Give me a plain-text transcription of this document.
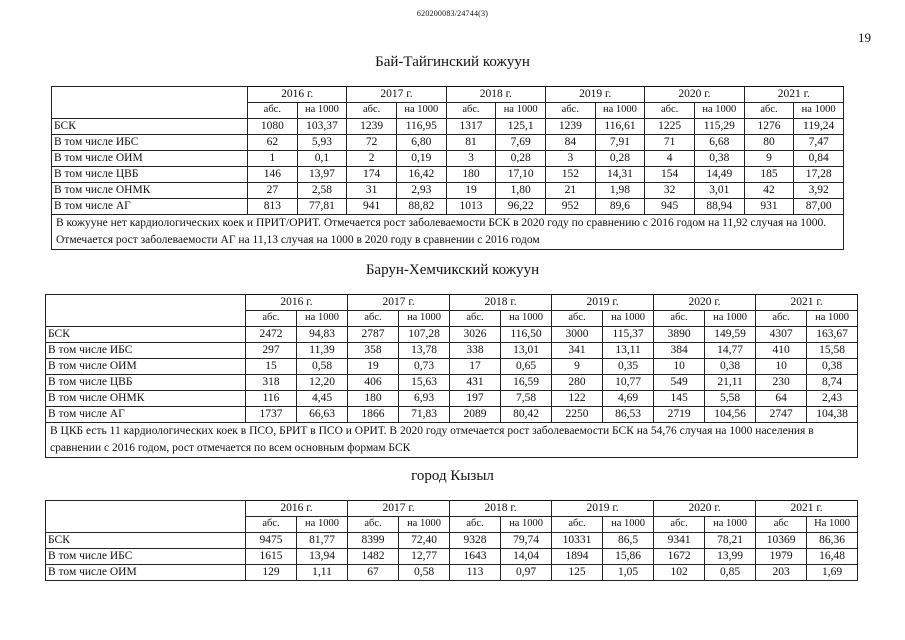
620200083/24744(3)
19
Бай-Тайгинский кожуун
	2016 г.		2017 г.		2018 г.		2019 г.		2020 г.		2021 г.	
	абс.	на 1000	абс.	на 1000	абс.	на 1000	абс.	на 1000	абс.	на 1000	абс.	на 1000
БСК	1080	103,37	1239	116,95	1317	125,1	1239	116,61	1225	115,29	1276	119,24
В том числе ИБС	62	5,93	72	6,80	81	7,69	84	7,91	71	6,68	80	7,47
В том числе ОИМ	1	0,1	2	0,19	3	0,28	3	0,28	4	0,38	9	0,84
В том числе ЦВБ	146	13,97	174	16,42	180	17,10	152	14,31	154	14,49	185	17,28
В том числе ОНМК	27	2,58	31	2,93	19	1,80	21	1,98	32	3,01	42	3,92
В том числе АГ	813	77,81	941	88,82	1013	96,22	952	89,6	945	88,94	931	87,00
В кожууне нет кардиологических коек и ПРИТ/ОРИТ. Отмечается рост заболеваемости БСК в 2020 году по сравнению с 2016 годом на 11,92 случая на 1000. Отмечается рост заболеваемости АГ на 11,13 случая на 1000 в 2020 году в сравнении с 2016 годом												
Барун-Хемчикский кожуун
	2016 г.		2017 г.		2018 г.		2019 г.		2020 г.		2021 г.	
	абс.	на 1000	абс.	на 1000	абс.	на 1000	абс.	на 1000	абс.	на 1000	абс.	на 1000
БСК	2472	94,83	2787	107,28	3026	116,50	3000	115,37	3890	149,59	4307	163,67
В том числе ИБС	297	11,39	358	13,78	338	13,01	341	13,11	384	14,77	410	15,58
В том числе ОИМ	15	0,58	19	0,73	17	0,65	9	0,35	10	0,38	10	0,38
В том числе ЦВБ	318	12,20	406	15,63	431	16,59	280	10,77	549	21,11	230	8,74
В том числе ОНМК	116	4,45	180	6,93	197	7,58	122	4,69	145	5,58	64	2,43
В том числе АГ	1737	66,63	1866	71,83	2089	80,42	2250	86,53	2719	104,56	2747	104,38
В ЦКБ есть 11 кардиологических коек в ПСО, БРИТ в ПСО и ОРИТ. В 2020 году отмечается рост заболеваемости БСК на 54,76 случая на 1000 населения в сравнении с 2016 годом, рост отмечается по всем основным формам БСК												
город Кызыл
	2016 г.		2017 г.		2018 г.		2019 г.		2020 г.		2021 г.	
	абс.	на 1000	абс.	на 1000	абс.	на 1000	абс.	на 1000	абс.	на 1000	абс	На 1000
БСК	9475	81,77	8399	72,40	9328	79,74	10331	86,5	9341	78,21	10369	86,36
В том числе ИБС	1615	13,94	1482	12,77	1643	14,04	1894	15,86	1672	13,99	1979	16,48
В том числе ОИМ	129	1,11	67	0,58	113	0,97	125	1,05	102	0,85	203	1,69
